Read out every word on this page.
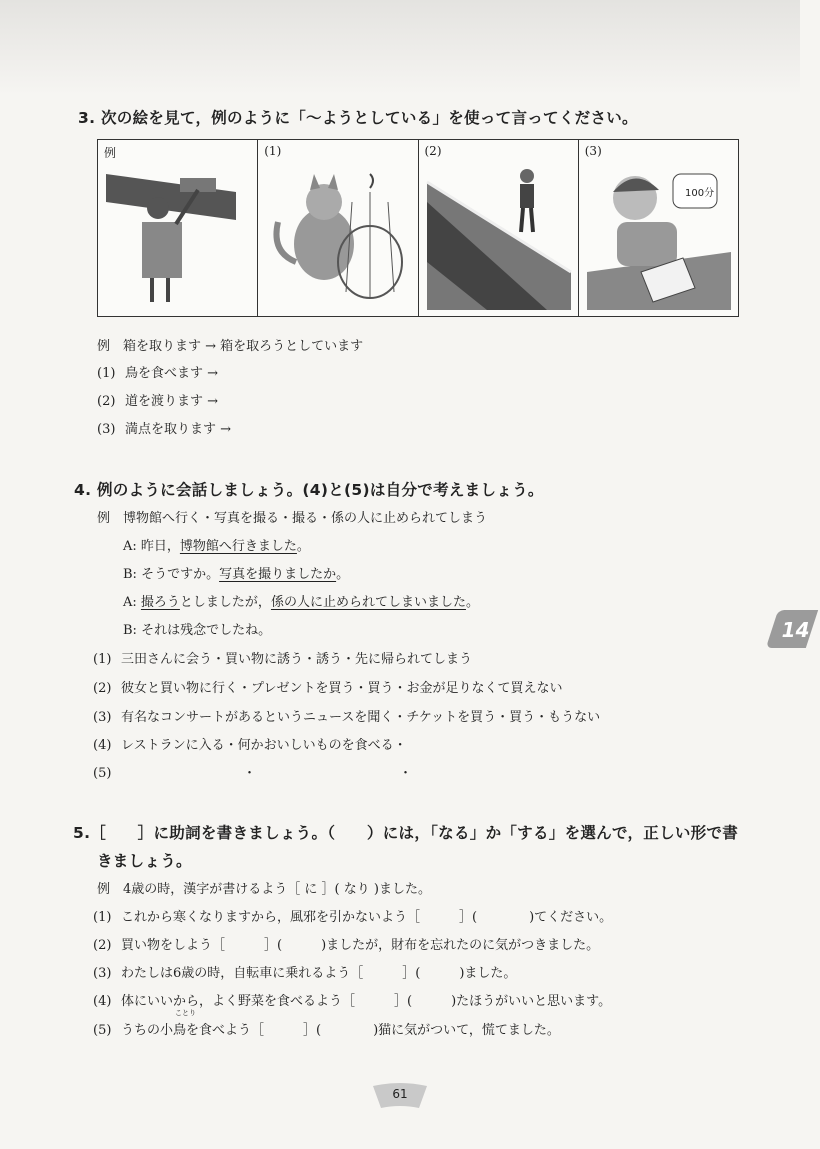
3. 次の絵を見て，例のように「～ようとしている」を使って言ってください。
例	(1)	(2)	(3)
100分
例　箱を取ります → 箱を取ろうとしています
(1) 鳥を食べます →
(2) 道を渡ります →
(3) 満点を取ります →
4. 例のように会話しましょう。(4)と(5)は自分で考えましょう。
例　博物館へ行く・写真を撮る・撮る・係の人に止められてしまう
A: 昨日，博物館へ行きました。
B: そうですか。写真を撮りましたか。
A: 撮ろうとしましたが，係の人に止められてしまいました。
B: それは残念でしたね。
(1) 三田さんに会う・買い物に誘う・誘う・先に帰られてしまう
(2) 彼女と買い物に行く・プレゼントを買う・買う・お金が足りなくて買えない
(3) 有名なコンサートがあるというニュースを聞く・チケットを買う・買う・もうない
(4) レストランに入る・何かおいしいものを食べる・
(5)	・　　　　　　　　　　　・
5.［　　］に助詞を書きましょう。（　　）には，「なる」か「する」を選んで，正しい形で書
きましょう。
例　4歳の時，漢字が書けるよう［ に ］( なり )ました。
(1) これから寒くなりますから，風邪を引かないよう［　　　］(　　　　)てください。
(2) 買い物をしよう［　　　］(　　　)ましたが，財布を忘れたのに気がつきました。
(3) わたしは6歳の時，自転車に乗れるよう［　　　］(　　　)ました。
(4) 体にいいから，よく野菜を食べるよう［　　　］(　　　)たほうがいいと思います。
ことり
(5) うちの小鳥を食べよう［　　　］(　　　　)猫に気がついて，慌てました。
14
61
